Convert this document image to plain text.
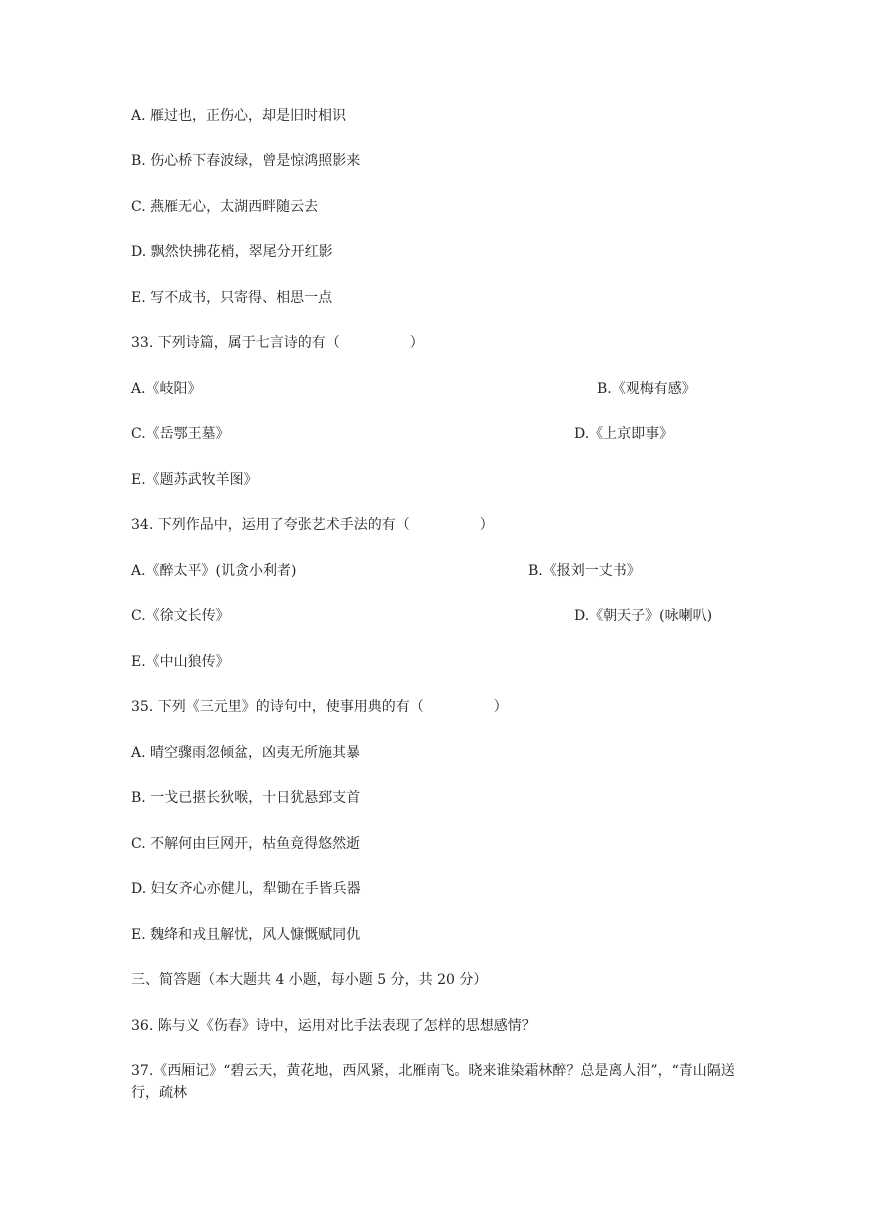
A. 雁过也，正伤心，却是旧时相识
B. 伤心桥下春波绿，曾是惊鸿照影来
C. 燕雁无心，太湖西畔随云去
D. 飘然快拂花梢，翠尾分开红影
E. 写不成书，只寄得、相思一点
33. 下列诗篇，属于七言诗的有（　　　　　）
A.《岐阳》	B.《观梅有感》
C.《岳鄂王墓》	D.《上京即事》
E.《题苏武牧羊图》
34. 下列作品中，运用了夸张艺术手法的有（　　　　　）
A.《醉太平》(讥贪小利者)	B.《报刘一丈书》
C.《徐文长传》	D.《朝天子》(咏喇叭)
E.《中山狼传》
35. 下列《三元里》的诗句中，使事用典的有（　　　　　）
A. 晴空骤雨忽倾盆，凶夷无所施其暴
B. 一戈已揕长狄喉，十日犹悬郅支首
C. 不解何由巨网开，枯鱼竟得悠然逝
D. 妇女齐心亦健儿，犁锄在手皆兵器
E. 魏绛和戎且解忧，风人慷慨赋同仇
三、简答题（本大题共 4 小题，每小题 5 分，共 20 分）
36. 陈与义《伤春》诗中，运用对比手法表现了怎样的思想感情？
37.《西厢记》“碧云天，黄花地，西风紧，北雁南飞。晓来谁染霜林醉？总是离人泪”，“青山隔送行，疏林
